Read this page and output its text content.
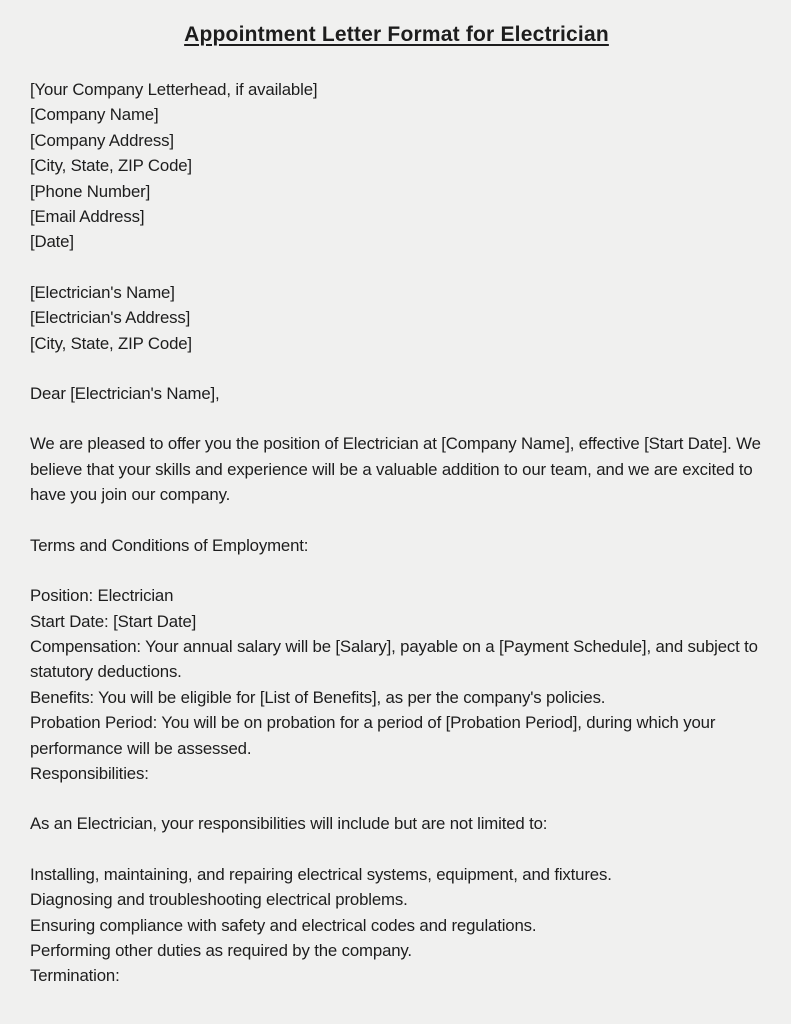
Appointment Letter Format for Electrician
[Your Company Letterhead, if available]
[Company Name]
[Company Address]
[City, State, ZIP Code]
[Phone Number]
[Email Address]
[Date]
[Electrician's Name]
[Electrician's Address]
[City, State, ZIP Code]
Dear [Electrician's Name],
We are pleased to offer you the position of Electrician at [Company Name], effective [Start Date]. We believe that your skills and experience will be a valuable addition to our team, and we are excited to have you join our company.
Terms and Conditions of Employment:
Position: Electrician
Start Date: [Start Date]
Compensation: Your annual salary will be [Salary], payable on a [Payment Schedule], and subject to statutory deductions.
Benefits: You will be eligible for [List of Benefits], as per the company's policies.
Probation Period: You will be on probation for a period of [Probation Period], during which your performance will be assessed.
Responsibilities:
As an Electrician, your responsibilities will include but are not limited to:
Installing, maintaining, and repairing electrical systems, equipment, and fixtures.
Diagnosing and troubleshooting electrical problems.
Ensuring compliance with safety and electrical codes and regulations.
Performing other duties as required by the company.
Termination:
